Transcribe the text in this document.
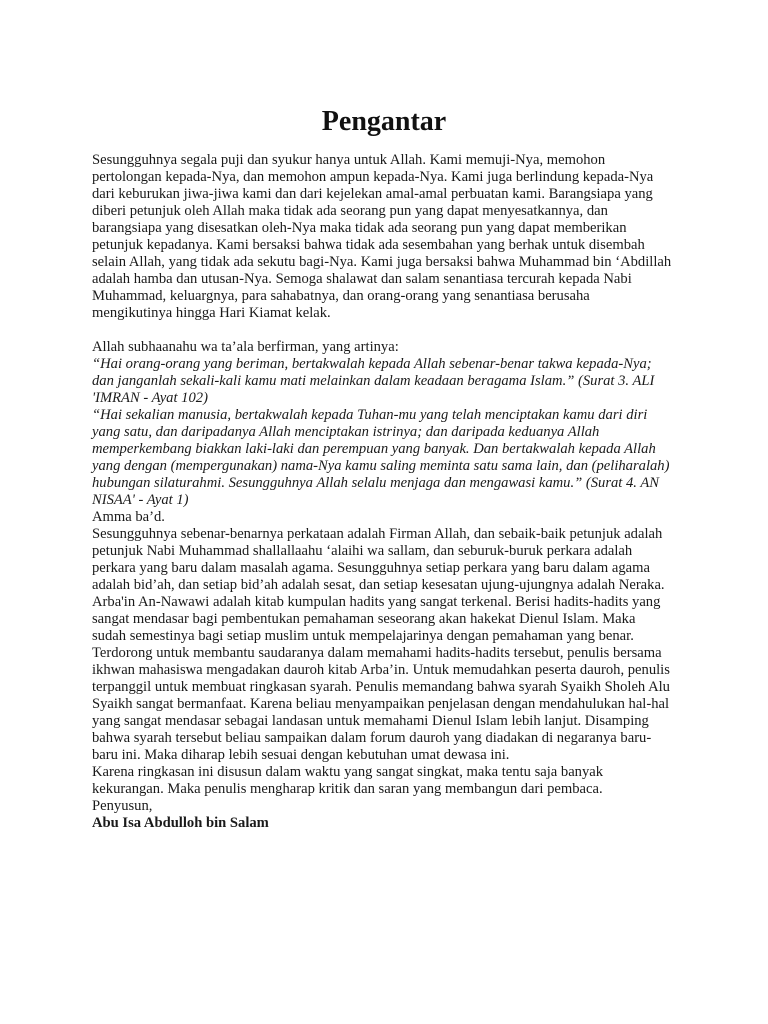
Pengantar

Sesungguhnya segala puji dan syukur hanya untuk Allah. Kami memuji-Nya, memohon pertolongan kepada-Nya, dan memohon ampun kepada-Nya. Kami juga berlindung kepada-Nya dari keburukan jiwa-jiwa kami dan dari kejelekan amal-amal perbuatan kami. Barangsiapa yang diberi petunjuk oleh Allah maka tidak ada seorang pun yang dapat menyesatkannya, dan barangsiapa yang disesatkan oleh-Nya maka tidak ada seorang pun yang dapat memberikan petunjuk kepadanya. Kami bersaksi bahwa tidak ada sesembahan yang berhak untuk disembah selain Allah, yang tidak ada sekutu bagi-Nya. Kami juga bersaksi bahwa Muhammad bin ‘Abdillah adalah hamba dan utusan-Nya. Semoga shalawat dan salam senantiasa tercurah kepada Nabi Muhammad, keluargnya, para sahabatnya, dan orang-orang yang senantiasa berusaha mengikutinya hingga Hari Kiamat kelak.

Allah subhaanahu wa ta’ala berfirman, yang artinya:

“Hai orang-orang yang beriman, bertakwalah kepada Allah sebenar-benar takwa kepada-Nya; dan janganlah sekali-kali kamu mati melainkan dalam keadaan beragama Islam.” (Surat 3. ALI 'IMRAN - Ayat 102)

“Hai sekalian manusia, bertakwalah kepada Tuhan-mu yang telah menciptakan kamu dari diri yang satu, dan daripadanya Allah menciptakan istrinya; dan daripada keduanya Allah memperkembang biakkan laki-laki dan perempuan yang banyak. Dan bertakwalah kepada Allah yang dengan (mempergunakan) nama-Nya kamu saling meminta satu sama lain, dan (peliharalah) hubungan silaturahmi. Sesungguhnya Allah selalu menjaga dan mengawasi kamu.” (Surat 4. AN NISAA' - Ayat 1)

Amma ba’d.

Sesungguhnya sebenar-benarnya perkataan adalah Firman Allah, dan sebaik-baik petunjuk adalah petunjuk Nabi Muhammad shallallaahu ‘alaihi wa sallam, dan seburuk-buruk perkara adalah perkara yang baru dalam masalah agama. Sesungguhnya setiap perkara yang baru dalam agama adalah bid’ah, dan setiap bid’ah adalah sesat, dan setiap kesesatan ujung-ujungnya adalah Neraka.

Arba'in An-Nawawi adalah kitab kumpulan hadits yang sangat terkenal. Berisi hadits-hadits yang sangat mendasar bagi pembentukan pemahaman seseorang akan hakekat Dienul Islam. Maka sudah semestinya bagi setiap muslim untuk mempelajarinya dengan pemahaman yang benar. Terdorong untuk membantu saudaranya dalam memahami hadits-hadits tersebut, penulis bersama ikhwan mahasiswa mengadakan dauroh kitab Arba’in. Untuk memudahkan peserta dauroh, penulis terpanggil untuk membuat ringkasan syarah. Penulis memandang bahwa syarah Syaikh Sholeh Alu Syaikh sangat bermanfaat. Karena beliau menyampaikan penjelasan dengan mendahulukan hal-hal yang sangat mendasar sebagai landasan untuk memahami Dienul Islam lebih lanjut. Disamping bahwa syarah tersebut beliau sampaikan dalam forum dauroh yang diadakan di negaranya baru-baru ini. Maka diharap lebih sesuai dengan kebutuhan umat dewasa ini.

Karena ringkasan ini disusun dalam waktu yang sangat singkat, maka tentu saja banyak kekurangan. Maka penulis mengharap kritik dan saran yang membangun dari pembaca.

Penyusun,

Abu Isa Abdulloh bin Salam
